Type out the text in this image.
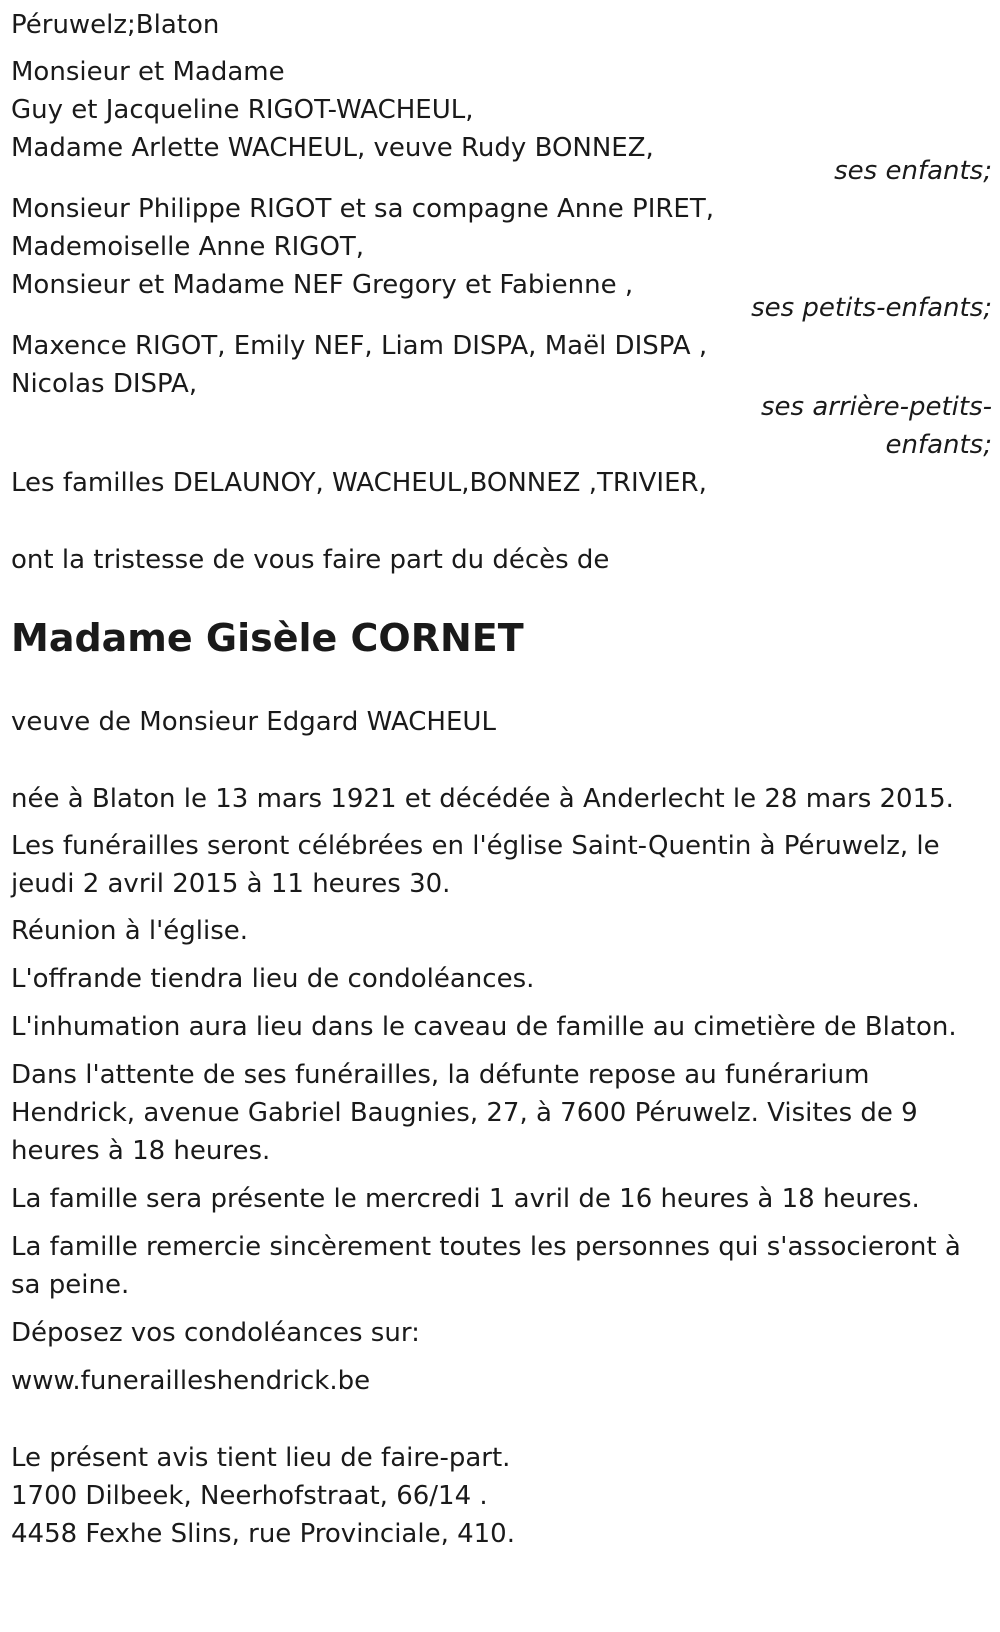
Péruwelz;Blaton
Monsieur et Madame
Guy et Jacqueline RIGOT-WACHEUL,
Madame Arlette WACHEUL, veuve Rudy BONNEZ,
ses enfants;
Monsieur Philippe RIGOT et sa compagne Anne PIRET,
Mademoiselle Anne RIGOT,
Monsieur et Madame NEF Gregory et Fabienne ,
ses petits-enfants;
Maxence RIGOT, Emily NEF, Liam DISPA, Maël DISPA ,
Nicolas DISPA,
ses arrière-petits-
enfants;
Les familles DELAUNOY, WACHEUL,BONNEZ ,TRIVIER,
ont la tristesse de vous faire part du décès de
Madame Gisèle CORNET
veuve de Monsieur Edgard WACHEUL
née à Blaton le 13 mars 1921 et décédée à Anderlecht le 28 mars 2015.
Les funérailles seront célébrées en l'église Saint-Quentin à Péruwelz, le
jeudi 2 avril 2015 à 11 heures 30.
Réunion à l'église.
L'offrande tiendra lieu de condoléances.
L'inhumation aura lieu dans le caveau de famille au cimetière de Blaton.
Dans l'attente de ses funérailles, la défunte repose au funérarium
Hendrick, avenue Gabriel Baugnies, 27, à 7600 Péruwelz. Visites de 9
heures à 18 heures.
La famille sera présente le mercredi 1 avril de 16 heures à 18 heures.
La famille remercie sincèrement toutes les personnes qui s'associeront à
sa peine.
Déposez vos condoléances sur:
www.funerailleshendrick.be
Le présent avis tient lieu de faire-part.
1700 Dilbeek, Neerhofstraat, 66/14 .
4458 Fexhe Slins, rue Provinciale, 410.
